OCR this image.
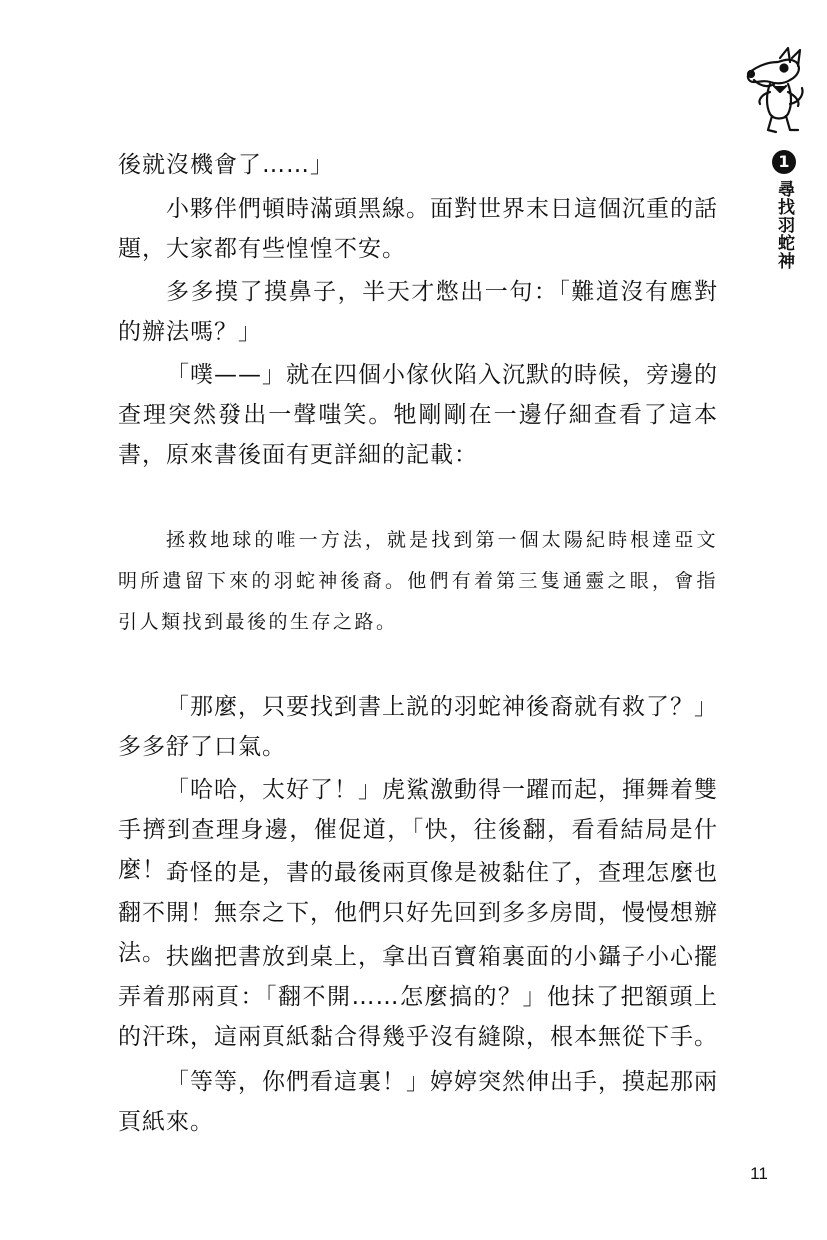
1
尋找羽蛇神

後就沒機會了……」

小夥伴們頓時滿頭黑線。面對世界末日這個沉重的話題，大家都有些惶惶不安。

多多摸了摸鼻子，半天才憋出一句：「難道沒有應對的辦法嗎？」

「噗——」就在四個小傢伙陷入沉默的時候，旁邊的查理突然發出一聲嗤笑。牠剛剛在一邊仔細查看了這本書，原來書後面有更詳細的記載：

拯救地球的唯一方法，就是找到第一個太陽紀時根達亞文明所遺留下來的羽蛇神後裔。他們有着第三隻通靈之眼，會指引人類找到最後的生存之路。

「那麼，只要找到書上説的羽蛇神後裔就有救了？」多多舒了口氣。

「哈哈，太好了！」虎鯊激動得一躍而起，揮舞着雙手擠到查理身邊，催促道，「快，往後翻，看看結局是什麼！」

奇怪的是，書的最後兩頁像是被黏住了，查理怎麼也翻不開！無奈之下，他們只好先回到多多房間，慢慢想辦法。 扶幽把書放到桌上，拿出百寶箱裏面的小鑷子小心擺弄着那兩頁：「翻不開……怎麼搞的？」他抹了把額頭上的汗珠，這兩頁紙黏合得幾乎沒有縫隙，根本無從下手。

「等等，你們看這裏！」婷婷突然伸出手，摸起那兩頁紙來。

11
